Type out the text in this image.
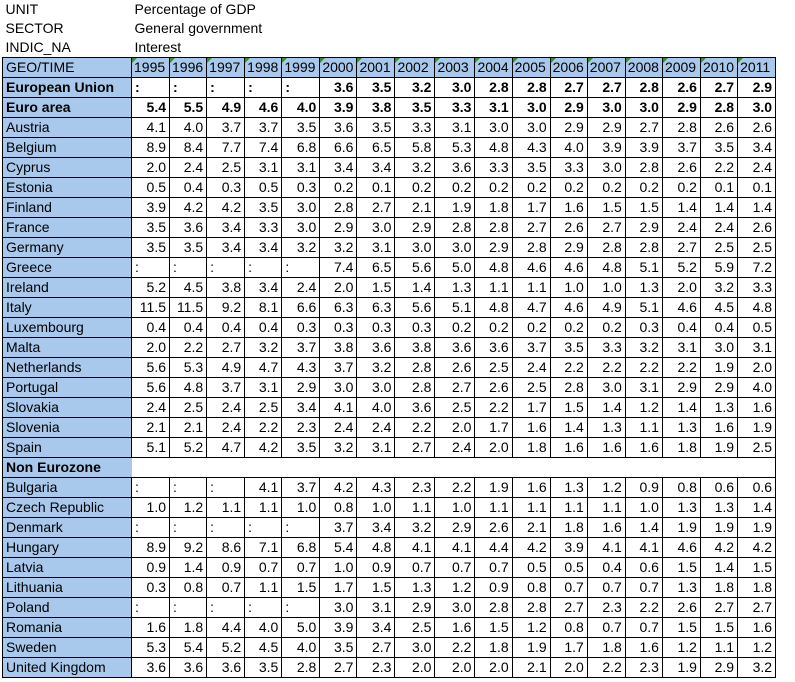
UNIT	Percentage of GDP																
SECTOR	General government																
INDIC_NA	Interest																
GEO/TIME	1995	1996	1997	1998	1999	2000	2001	2002	2003	2004	2005	2006	2007	2008	2009	2010	2011
European Union	:	:	:	:	:	3.6	3.5	3.2	3.0	2.8	2.8	2.7	2.7	2.8	2.6	2.7	2.9
Euro area	5.4	5.5	4.9	4.6	4.0	3.9	3.8	3.5	3.3	3.1	3.0	2.9	3.0	3.0	2.9	2.8	3.0
Austria	4.1	4.0	3.7	3.7	3.5	3.6	3.5	3.3	3.1	3.0	3.0	2.9	2.9	2.7	2.8	2.6	2.6
Belgium	8.9	8.4	7.7	7.4	6.8	6.6	6.5	5.8	5.3	4.8	4.3	4.0	3.9	3.9	3.7	3.5	3.4
Cyprus	2.0	2.4	2.5	3.1	3.1	3.4	3.4	3.2	3.6	3.3	3.5	3.3	3.0	2.8	2.6	2.2	2.4
Estonia	0.5	0.4	0.3	0.5	0.3	0.2	0.1	0.2	0.2	0.2	0.2	0.2	0.2	0.2	0.2	0.1	0.1
Finland	3.9	4.2	4.2	3.5	3.0	2.8	2.7	2.1	1.9	1.8	1.7	1.6	1.5	1.5	1.4	1.4	1.4
France	3.5	3.6	3.4	3.3	3.0	2.9	3.0	2.9	2.8	2.8	2.7	2.6	2.7	2.9	2.4	2.4	2.6
Germany	3.5	3.5	3.4	3.4	3.2	3.2	3.1	3.0	3.0	2.9	2.8	2.9	2.8	2.8	2.7	2.5	2.5
Greece	:	:	:	:	:	7.4	6.5	5.6	5.0	4.8	4.6	4.6	4.8	5.1	5.2	5.9	7.2
Ireland	5.2	4.5	3.8	3.4	2.4	2.0	1.5	1.4	1.3	1.1	1.1	1.0	1.0	1.3	2.0	3.2	3.3
Italy	11.5	11.5	9.2	8.1	6.6	6.3	6.3	5.6	5.1	4.8	4.7	4.6	4.9	5.1	4.6	4.5	4.8
Luxembourg	0.4	0.4	0.4	0.4	0.3	0.3	0.3	0.3	0.2	0.2	0.2	0.2	0.2	0.3	0.4	0.4	0.5
Malta	2.0	2.2	2.7	3.2	3.7	3.8	3.6	3.8	3.6	3.6	3.7	3.5	3.3	3.2	3.1	3.0	3.1
Netherlands	5.6	5.3	4.9	4.7	4.3	3.7	3.2	2.8	2.6	2.5	2.4	2.2	2.2	2.2	2.2	1.9	2.0
Portugal	5.6	4.8	3.7	3.1	2.9	3.0	3.0	2.8	2.7	2.6	2.5	2.8	3.0	3.1	2.9	2.9	4.0
Slovakia	2.4	2.5	2.4	2.5	3.4	4.1	4.0	3.6	2.5	2.2	1.7	1.5	1.4	1.2	1.4	1.3	1.6
Slovenia	2.1	2.1	2.4	2.2	2.3	2.4	2.4	2.2	2.0	1.7	1.6	1.4	1.3	1.1	1.3	1.6	1.9
Spain	5.1	5.2	4.7	4.2	3.5	3.2	3.1	2.7	2.4	2.0	1.8	1.6	1.6	1.6	1.8	1.9	2.5
Non Eurozone																	
Bulgaria	:	:	:	4.1	3.7	4.2	4.3	2.3	2.2	1.9	1.6	1.3	1.2	0.9	0.8	0.6	0.6
Czech Republic	1.0	1.2	1.1	1.1	1.0	0.8	1.0	1.1	1.0	1.1	1.1	1.1	1.1	1.0	1.3	1.3	1.4
Denmark	:	:	:	:	:	3.7	3.4	3.2	2.9	2.6	2.1	1.8	1.6	1.4	1.9	1.9	1.9
Hungary	8.9	9.2	8.6	7.1	6.8	5.4	4.8	4.1	4.1	4.4	4.2	3.9	4.1	4.1	4.6	4.2	4.2
Latvia	0.9	1.4	0.9	0.7	0.7	1.0	0.9	0.7	0.7	0.7	0.5	0.5	0.4	0.6	1.5	1.4	1.5
Lithuania	0.3	0.8	0.7	1.1	1.5	1.7	1.5	1.3	1.2	0.9	0.8	0.7	0.7	0.7	1.3	1.8	1.8
Poland	:	:	:	:	:	3.0	3.1	2.9	3.0	2.8	2.8	2.7	2.3	2.2	2.6	2.7	2.7
Romania	1.6	1.8	4.4	4.0	5.0	3.9	3.4	2.5	1.6	1.5	1.2	0.8	0.7	0.7	1.5	1.5	1.6
Sweden	5.3	5.4	5.2	4.5	4.0	3.5	2.7	3.0	2.2	1.8	1.9	1.7	1.8	1.6	1.2	1.1	1.2
United Kingdom	3.6	3.6	3.6	3.5	2.8	2.7	2.3	2.0	2.0	2.0	2.1	2.0	2.2	2.3	1.9	2.9	3.2
